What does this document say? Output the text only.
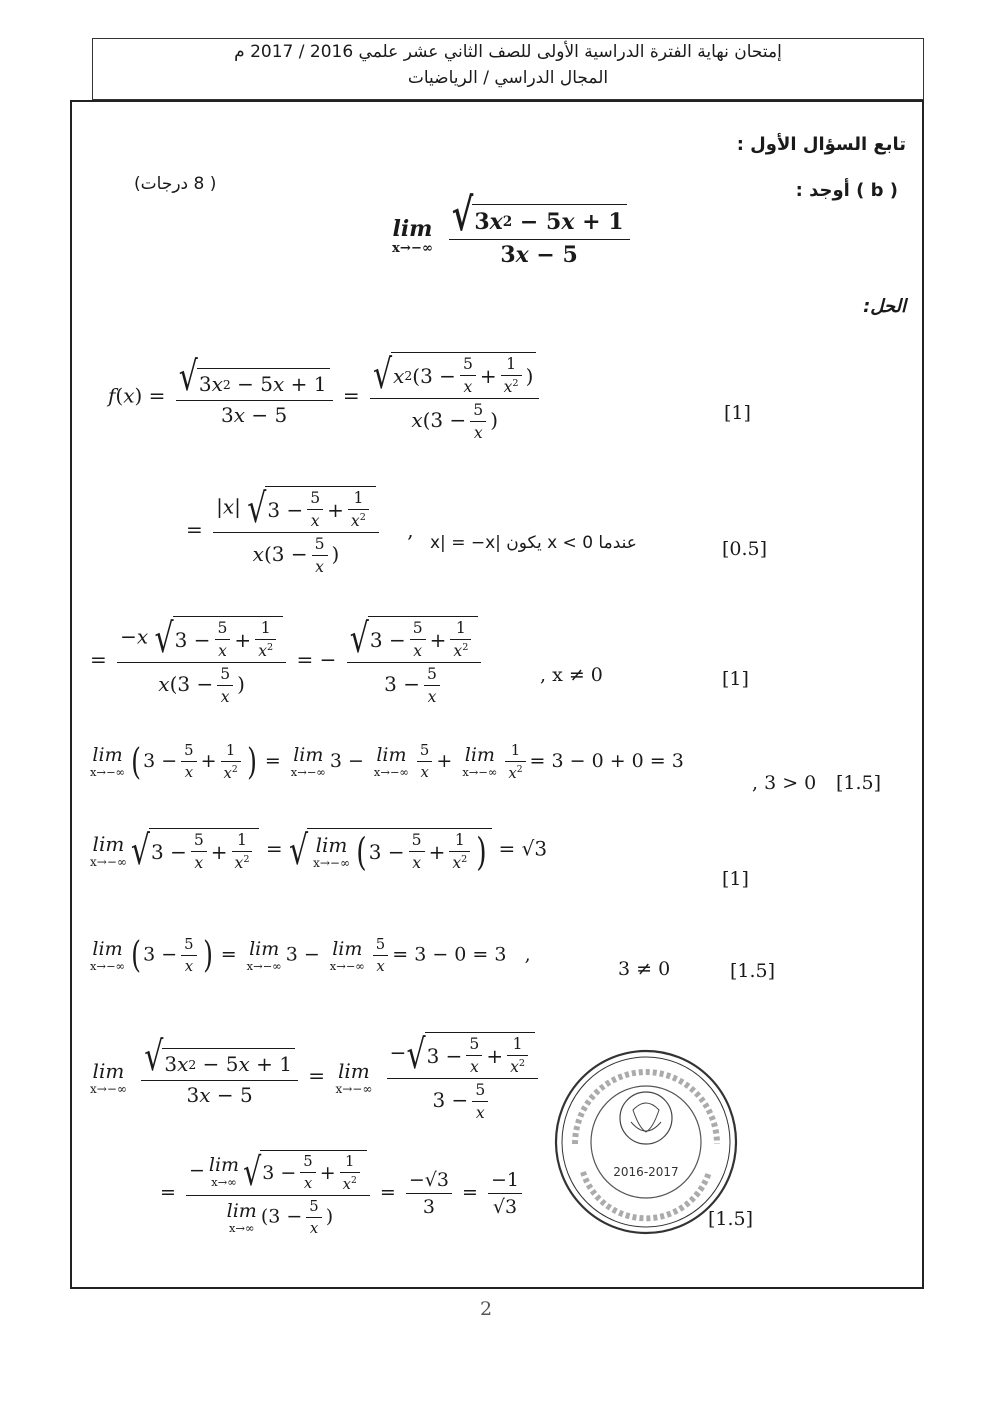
إمتحان نهاية الفترة الدراسية الأولى للصف الثاني عشر علمي 2016 / 2017 م
المجال الدراسي / الرياضيات
تابع السؤال الأول :
( b ) أوجد :
( 8 درجات)
lim
x→−∞
$\frac{√ 3 x 2 - 5 x + 1}{3x - 5}$
الحل:
$f(x) = \frac{√ 3 x 2 - 5 x + 1}{3x - 5} = \frac{√ x 2 (3 - \frac{5}{x} + \frac{1}{x^2} )}{x(3 - \frac{5}{x} )}$	[1]
= $\frac{|x| √ 3 - \frac{5}{x} + \frac{1}{x^2}}{x(3 - \frac{5}{x} )}$ ,
عندما 0 > x يكون |x| = −x	[0.5]
= $\frac{-x √ 3 - \frac{5}{x} + \frac{1}{x^2}}{x(3 - \frac{5}{x} )}$ = − $\frac{√ 3 - \frac{5}{x} + \frac{1}{x^2}}{3 - \frac{5}{x}}$	, x ≠ 0	[1]
lim
x→−∞ ( $3 - \frac{5}{x} + \frac{1}{x^2}$ ) = lim
x→−∞
3 − lim
$x\to-\infty \frac{5}{x} + \lim$
$x\to-\infty \frac{1}{x^2} = 3 - 0 + 0 = 3$
, 3 > 0 [1.5]
lim
x→−∞ √ $3 - \frac{5}{x} + \frac{1}{x^2}$ = √ lim
x→−∞ ( $3 - \frac{5}{x} + \frac{1}{x^2}$ ) = √3
[1]
lim
x→−∞ ( $3 - \frac{5}{x}$ ) = lim
x→−∞
3 − lim
$x\to-\infty \frac{5}{x} = 3 - 0 = 3$   ,
3 ≠ 0	[1.5]
lim
x→−∞
$\frac{√ 3 x 2 - 5 x + 1}{3x - 5} = \lim$
x→−∞
$\frac{- √ 3 - \frac{5}{x} + \frac{1}{x^2}}{3 - \frac{5}{x}}$
= − lim
x→∞ √ $3 - \frac{5}{x} + \frac{1}{x^2}$
lim
x→∞
($3 - \frac{5}{x}$ ) = $\frac{-√3}{3} = \frac{-1}{√3}$
[1.5]
2016-2017
2
